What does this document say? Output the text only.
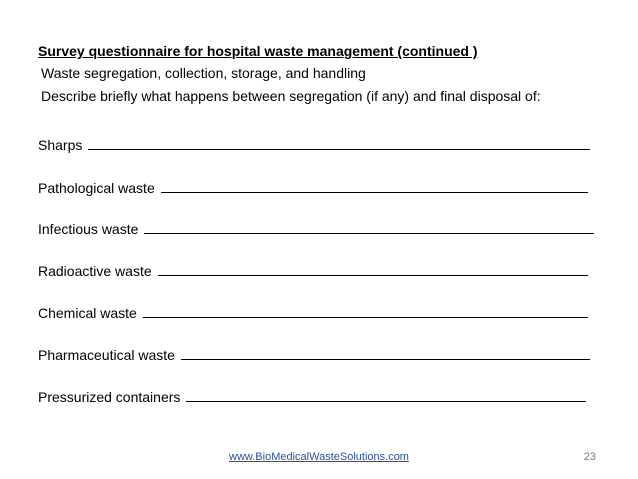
Survey questionnaire for hospital waste management (continued )
Waste segregation, collection, storage, and handling
Describe briefly what happens between segregation (if any) and final disposal of:
Sharps
Pathological waste
Infectious waste
Radioactive waste
Chemical waste
Pharmaceutical waste
Pressurized containers
www.BioMedicalWasteSolutions.com	23
